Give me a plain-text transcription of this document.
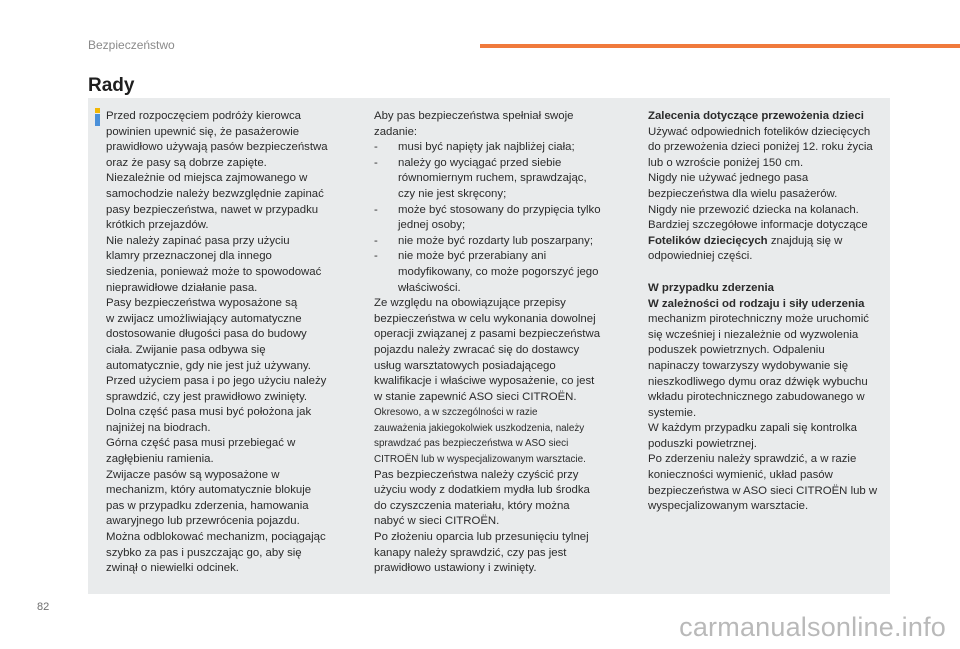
Bezpieczeństwo
Rady

Przed rozpoczęciem podróży kierowca

powinien upewnić się, że pasażerowie

prawidłowo używają pasów bezpieczeństwa

oraz że pasy są dobrze zapięte.

Niezależnie od miejsca zajmowanego w

samochodzie należy bezwzględnie zapinać

pasy bezpieczeństwa, nawet w przypadku

krótkich przejazdów.

Nie należy zapinać pasa przy użyciu

klamry przeznaczonej dla innego

siedzenia, ponieważ może to spowodować

nieprawidłowe działanie pasa.

Pasy bezpieczeństwa wyposażone są

w zwijacz umożliwiający automatyczne

dostosowanie długości pasa do budowy

ciała. Zwijanie pasa odbywa się

automatycznie, gdy nie jest już używany.

Przed użyciem pasa i po jego użyciu należy

sprawdzić, czy jest prawidłowo zwinięty.

Dolna część pasa musi być położona jak

najniżej na biodrach.

Górna część pasa musi przebiegać w

zagłębieniu ramienia.

Zwijacze pasów są wyposażone w

mechanizm, który automatycznie blokuje

pas w przypadku zderzenia, hamowania

awaryjnego lub przewrócenia pojazdu.

Można odblokować mechanizm, pociągając

szybko za pas i puszczając go, aby się

zwinął o niewielki odcinek.

Aby pas bezpieczeństwa spełniał swoje

zadanie:

- musi być napięty jak najbliżej ciała;

- należy go wyciągać przed siebie

równomiernym ruchem, sprawdzając,

czy nie jest skręcony;

- może być stosowany do przypięcia tylko

jednej osoby;

- nie może być rozdarty lub poszarpany;

- nie może być przerabiany ani

modyfikowany, co może pogorszyć jego

właściwości.

Ze względu na obowiązujące przepisy

bezpieczeństwa w celu wykonania dowolnej

operacji związanej z pasami bezpieczeństwa

pojazdu należy zwracać się do dostawcy

usług warsztatowych posiadającego

kwalifikacje i właściwe wyposażenie, co jest

w stanie zapewnić ASO sieci CITROËN.

Okresowo, a w szczególności w razie

zauważenia jakiegokolwiek uszkodzenia, należy

sprawdzać pas bezpieczeństwa w ASO sieci

CITROËN lub w wyspecjalizowanym warsztacie.

Pas bezpieczeństwa należy czyścić przy

użyciu wody z dodatkiem mydła lub środka

do czyszczenia materiału, który można

nabyć w sieci CITROËN.

Po złożeniu oparcia lub przesunięciu tylnej

kanapy należy sprawdzić, czy pas jest

prawidłowo ustawiony i zwinięty.

Zalecenia dotyczące przewożenia dzieci

Używać odpowiednich fotelików dziecięcych

do przewożenia dzieci poniżej 12. roku życia

lub o wzroście poniżej 150 cm.

Nigdy nie używać jednego pasa

bezpieczeństwa dla wielu pasażerów.

Nigdy nie przewozić dziecka na kolanach.

Bardziej szczegółowe informacje dotyczące

Fotelików dziecięcych znajdują się w

odpowiedniej części.

W przypadku zderzenia

W zależności od rodzaju i siły uderzenia

mechanizm pirotechniczny może uruchomić

się wcześniej i niezależnie od wyzwolenia

poduszek powietrznych. Odpaleniu

napinaczy towarzyszy wydobywanie się

nieszkodliwego dymu oraz dźwięk wybuchu

wkładu pirotechnicznego zabudowanego w

systemie.

W każdym przypadku zapali się kontrolka

poduszki powietrznej.

Po zderzeniu należy sprawdzić, a w razie

konieczności wymienić, układ pasów

bezpieczeństwa w ASO sieci CITROËN lub w

wyspecjalizowanym warsztacie.

82
carmanualsonline.info
